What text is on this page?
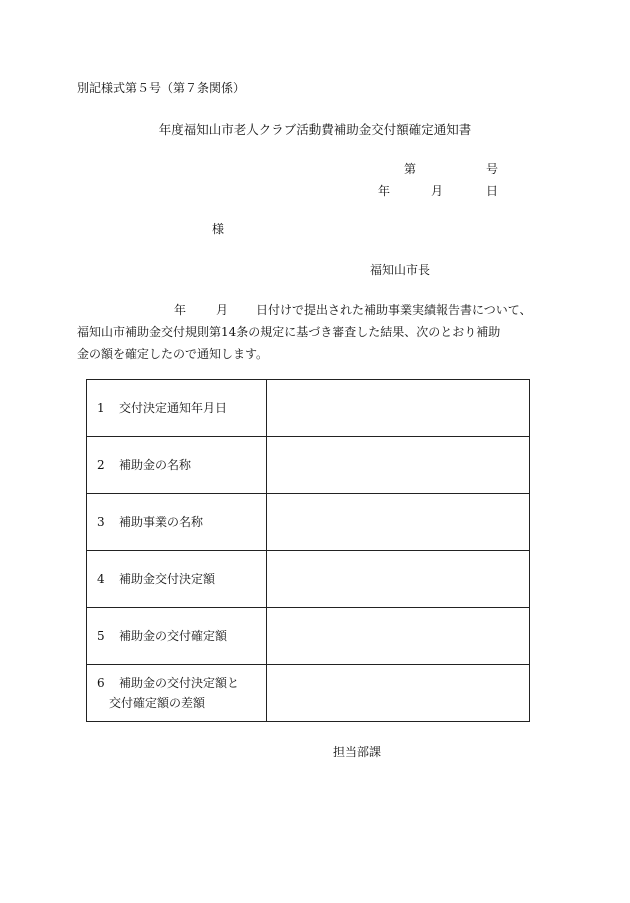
別記様式第５号（第７条関係）
年度福知山市老人クラブ活動費補助金交付額確定通知書
第	号
年	月	日
様
福知山市長
年 月 日付けで提出された補助事業実績報告書について、
福知山市補助金交付規則第14条の規定に基づき審査した結果、次のとおり補助
金の額を確定したので通知します。
1 交付決定通知年月日	

2 補助金の名称	

3 補助事業の名称	

4 補助金交付決定額	

5 補助金の交付確定額	

6 補助金の交付決定額と
交付確定額の差額	

担当部課
